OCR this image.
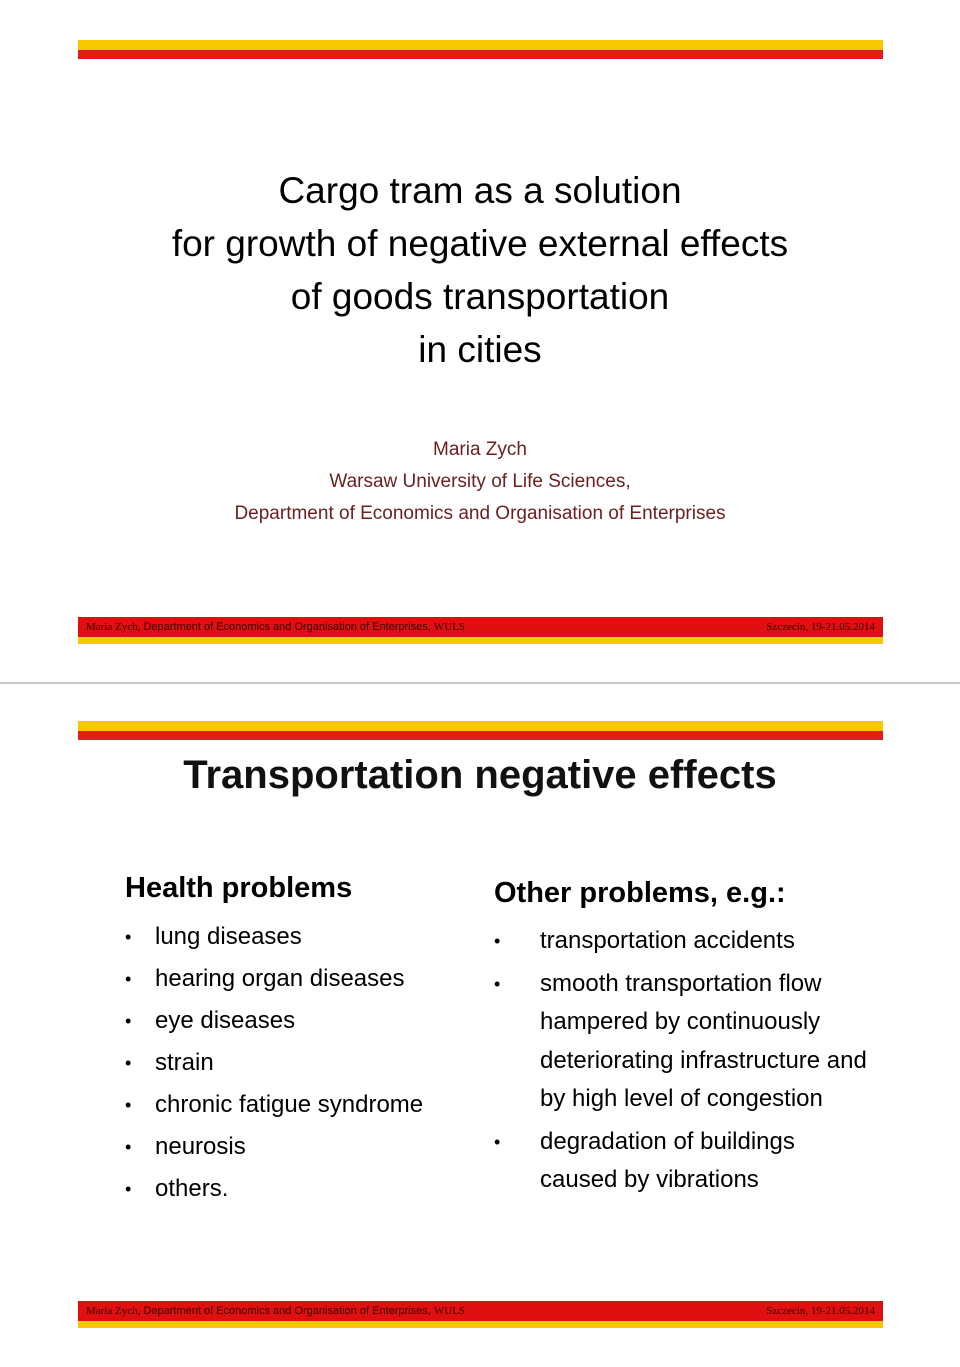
Cargo tram as a solution
for growth of negative external effects
of goods transportation
in cities
Maria Zych
Warsaw University of Life Sciences,
Department of Economics and Organisation of Enterprises
Maria Zych, Department of Economics and Organisation of Enterprises, WULS	Szczecin, 19-21.05.2014
Transportation negative effects
Health problems
• lung diseases
• hearing organ diseases
• eye diseases
• strain
• chronic fatigue syndrome
• neurosis
• others.
Other problems, e.g.:
• transportation accidents
• smooth transportation flow hampered by continuously deteriorating infrastructure and by high level of congestion
• degradation of buildings caused by vibrations
Maria Zych, Department of Economics and Organisation of Enterprises, WULS	Szczecin, 19-21.05.2014
